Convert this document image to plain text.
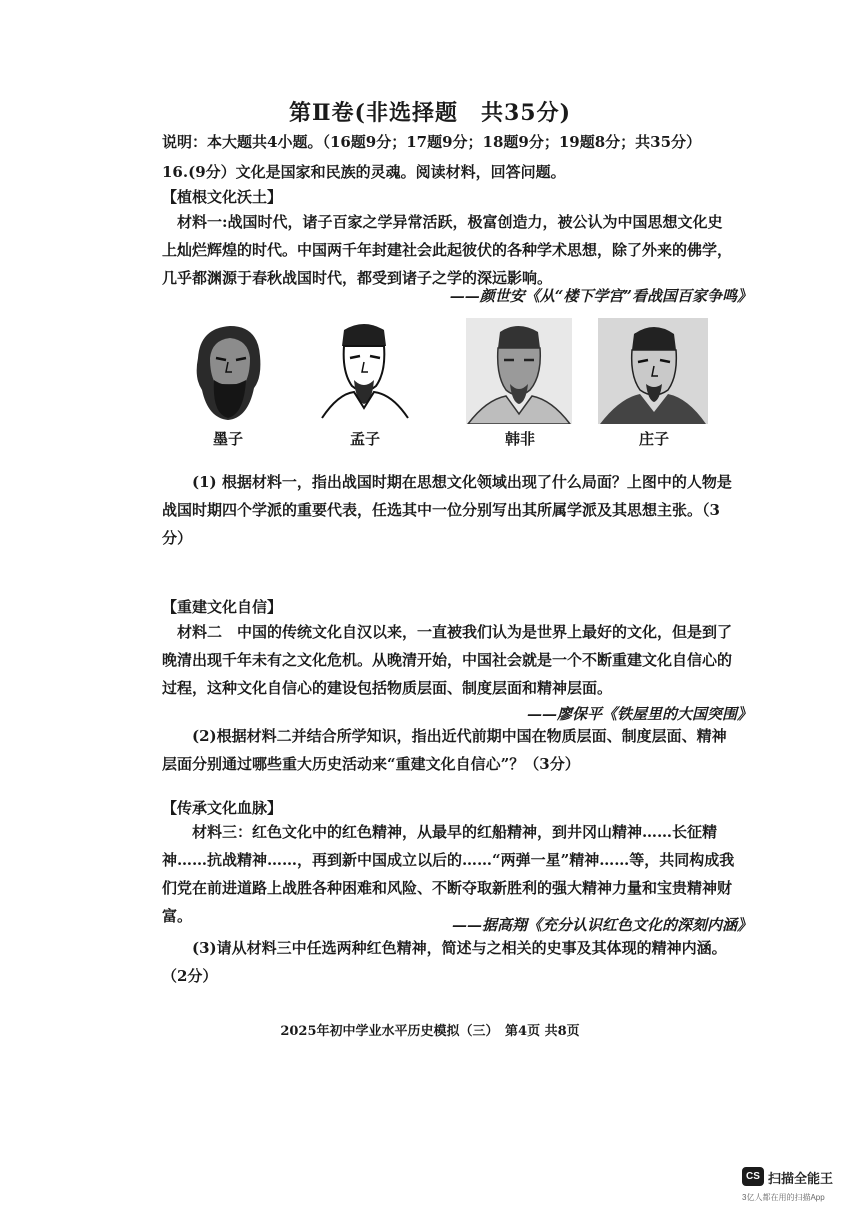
第Ⅱ卷(非选择题　共35分)
说明：本大题共4小题。（16题9分；17题9分；18题9分；19题8分；共35分）
16.(9分）文化是国家和民族的灵魂。阅读材料，回答问题。
【植根文化沃土】
　材料一:战国时代，诸子百家之学异常活跃，极富创造力，被公认为中国思想文化史
上灿烂辉煌的时代。中国两千年封建社会此起彼伏的各种学术思想，除了外来的佛学，
几乎都渊源于春秋战国时代，都受到诸子之学的深远影响。
——颜世安《从“楼下学宫”看战国百家争鸣》
墨子	孟子	韩非	庄子
　　(1) 根据材料一，指出战国时期在思想文化领域出现了什么局面？上图中的人物是
战国时期四个学派的重要代表，任选其中一位分别写出其所属学派及其思想主张。（3
分）
【重建文化自信】
　材料二　中国的传统文化自汉以来，一直被我们认为是世界上最好的文化，但是到了
晚清出现千年未有之文化危机。从晚清开始，中国社会就是一个不断重建文化自信心的
过程，这种文化自信心的建设包括物质层面、制度层面和精神层面。
——廖保平《铁屋里的大国突围》
　　(2)根据材料二并结合所学知识，指出近代前期中国在物质层面、制度层面、精神
层面分别通过哪些重大历史活动来“重建文化自信心”？（3分）
【传承文化血脉】
　　材料三：红色文化中的红色精神，从最早的红船精神，到井冈山精神……长征精
神……抗战精神……，再到新中国成立以后的……“两弹一星”精神……等，共同构成我
们党在前进道路上战胜各种困难和风险、不断夺取新胜利的强大精神力量和宝贵精神财
富。	——据高翔《充分认识红色文化的深刻内涵》
　　(3)请从材料三中任选两种红色精神，简述与之相关的史事及其体现的精神内涵。
（2分）
2025年初中学业水平历史模拟（三）　第4页 共8页
CS 扫描全能王
3亿人都在用的扫描App
